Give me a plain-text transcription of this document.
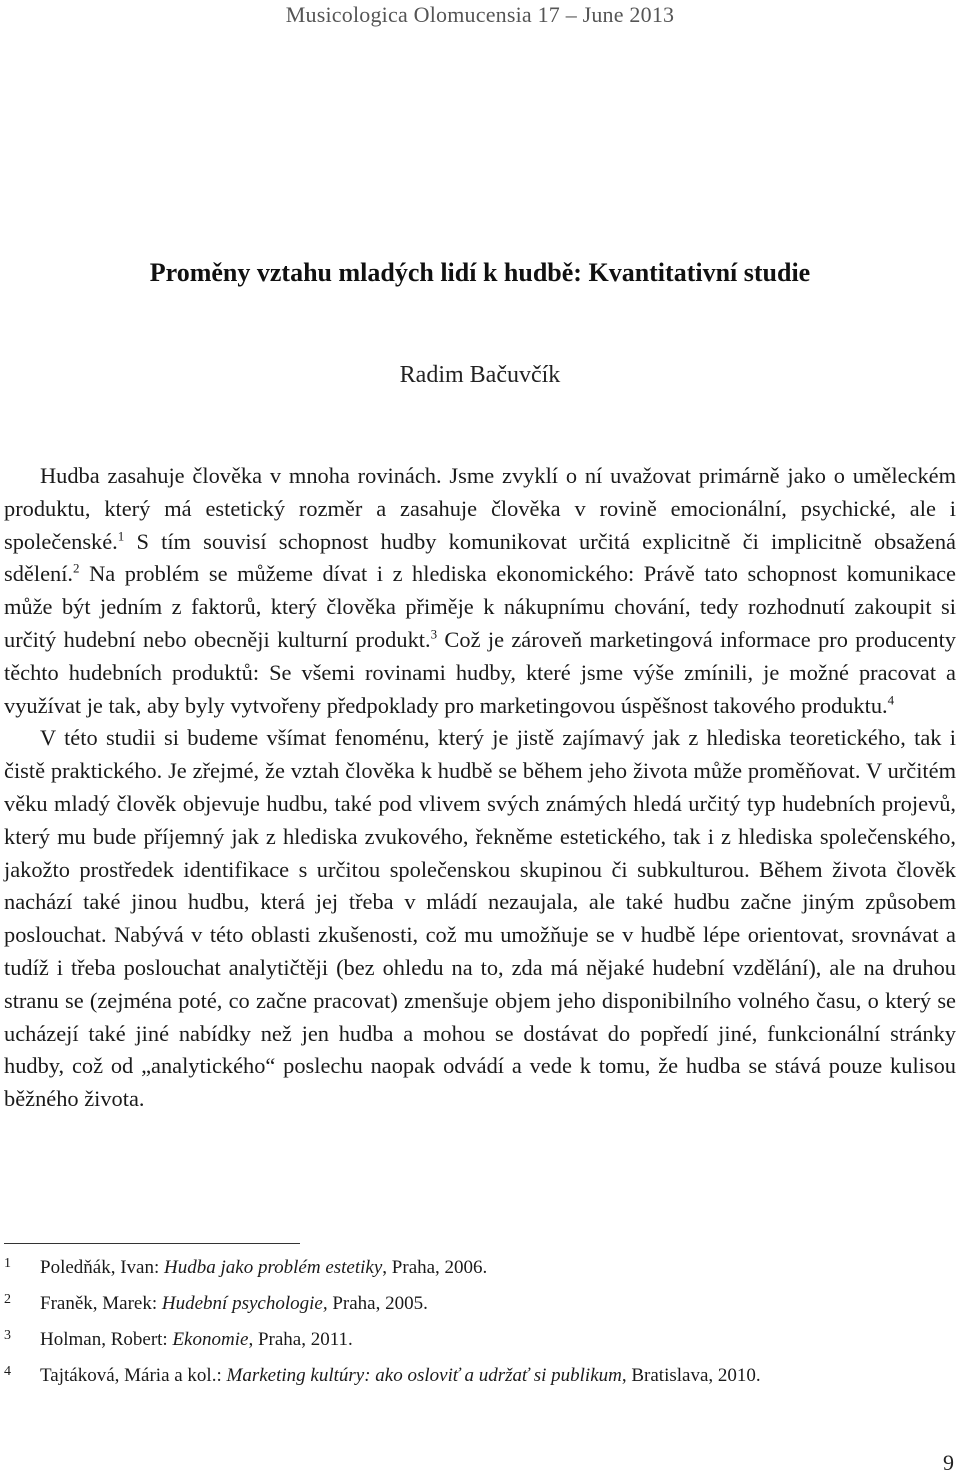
Musicologica Olomucensia 17 – June 2013
Proměny vztahu mladých lidí k hudbě: Kvantitativní studie
Radim Bačuvčík

Hudba zasahuje člověka v mnoha rovinách. Jsme zvyklí o ní uvažovat primárně jako o uměleckém produktu, který má estetický rozměr a zasahuje člověka v rovině emocionální, psychické, ale i společenské.$^1$ S tím souvisí schopnost hudby komunikovat určitá explicitně či implicitně obsažená sdělení.$^2$ Na problém se můžeme dívat i z hlediska ekonomického: Právě tato schopnost komunikace může být jedním z faktorů, který člověka přiměje k nákupnímu chování, tedy rozhodnutí zakoupit si určitý hudební nebo obecněji kulturní produkt.$^3$ Což je zároveň marketingová informace pro producenty těchto hudebních produktů: Se všemi rovinami hudby, které jsme výše zmínili, je možné pracovat a využívat je tak, aby byly vytvořeny předpoklady pro marketingovou úspěšnost takového produktu.$^4$

V této studii si budeme všímat fenoménu, který je jistě zajímavý jak z hlediska teoretického, tak i čistě praktického. Je zřejmé, že vztah člověka k hudbě se během jeho života může proměňovat. V určitém věku mladý člověk objevuje hudbu, také pod vlivem svých známých hledá určitý typ hudebních projevů, který mu bude příjemný jak z hlediska zvukového, řekněme estetického, tak i z hlediska společenského, jakožto prostředek identifikace s určitou společenskou skupinou či subkulturou. Během života člověk nachází také jinou hudbu, která jej třeba v mládí nezaujala, ale také hudbu začne jiným způsobem poslouchat. Nabývá v této oblasti zkušenosti, což mu umožňuje se v hudbě lépe orientovat, srovnávat a tudíž i třeba poslouchat analytičtěji (bez ohledu na to, zda má nějaké hudební vzdělání), ale na druhou stranu se (zejména poté, co začne pracovat) zmenšuje objem jeho disponibilního volného času, o který se ucházejí také jiné nabídky než jen hudba a mohou se dostávat do popředí jiné, funkcionální stránky hudby, což od „analytického“ poslechu naopak odvádí a vede k tomu, že hudba se stává pouze kulisou běžného života.

1 Poledňák, Ivan: Hudba jako problém estetiky, Praha, 2006.
2 Franěk, Marek: Hudební psychologie, Praha, 2005.
3 Holman, Robert: Ekonomie, Praha, 2011.
4 Tajtáková, Mária a kol.: Marketing kultúry: ako osloviť a udržať si publikum, Bratislava, 2010.
9
